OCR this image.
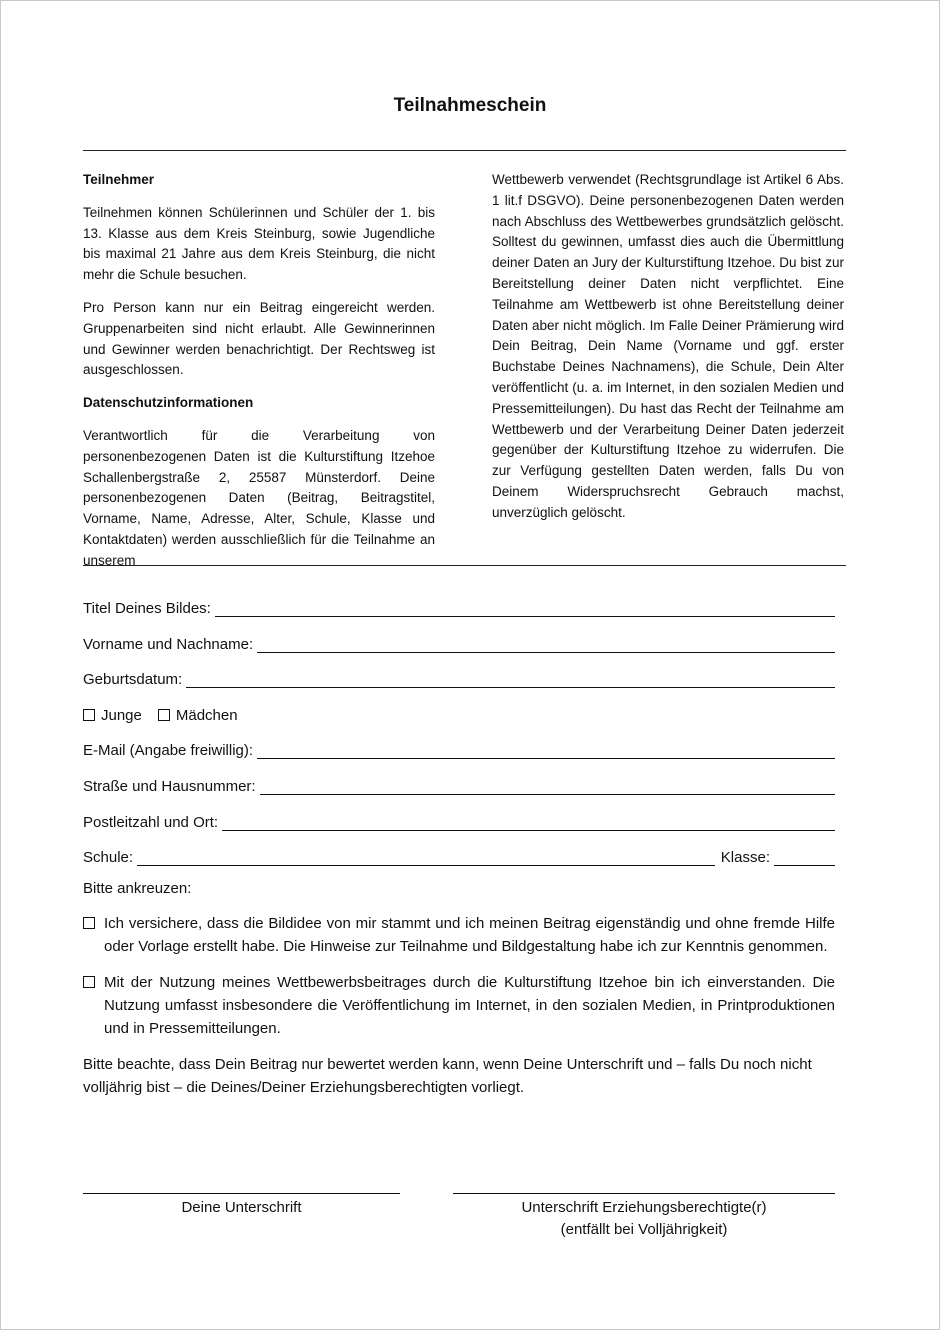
Teilnahmeschein
Teilnehmer

Teilnehmen können Schülerinnen und Schüler der 1. bis 13. Klasse aus dem Kreis Steinburg, sowie Jugendliche bis maximal 21 Jahre aus dem Kreis Steinburg, die nicht mehr die Schule besuchen.

Pro Person kann nur ein Beitrag eingereicht werden. Gruppenarbeiten sind nicht erlaubt. Alle Gewinnerinnen und Gewinner werden benachrichtigt. Der Rechtsweg ist ausgeschlossen.

Datenschutzinformationen

Verantwortlich für die Verarbeitung von personenbezogenen Daten ist die Kulturstiftung Itzehoe Schallenbergstraße 2, 25587 Münsterdorf. Deine personenbezogenen Daten (Beitrag, Beitragstitel, Vorname, Name, Adresse, Alter, Schule, Klasse und Kontaktdaten) werden ausschließlich für die Teilnahme an unserem

Wettbewerb verwendet (Rechtsgrundlage ist Artikel 6 Abs. 1 lit.f DSGVO). Deine personenbezogenen Daten werden nach Abschluss des Wettbewerbes grundsätzlich gelöscht. Solltest du gewinnen, umfasst dies auch die Übermittlung deiner Daten an Jury der Kulturstiftung Itzehoe. Du bist zur Bereitstellung deiner Daten nicht verpflichtet. Eine Teilnahme am Wettbewerb ist ohne Bereitstellung deiner Daten aber nicht möglich. Im Falle Deiner Prämierung wird Dein Beitrag, Dein Name (Vorname und ggf. erster Buchstabe Deines Nachnamens), die Schule, Dein Alter veröffentlicht (u. a. im Internet, in den sozialen Medien und Pressemitteilungen). Du hast das Recht der Teilnahme am Wettbewerb und der Verarbeitung Deiner Daten jederzeit gegenüber der Kulturstiftung Itzehoe zu widerrufen. Die zur Verfügung gestellten Daten werden, falls Du von Deinem Widerspruchsrecht Gebrauch machst, unverzüglich gelöscht.

Titel Deines Bildes:
Vorname und Nachname:
Geburtsdatum:
Junge Mädchen
E-Mail (Angabe freiwillig):
Straße und Hausnummer:
Postleitzahl und Ort:
Schule:	Klasse:
Bitte ankreuzen:
Ich versichere, dass die Bildidee von mir stammt und ich meinen Beitrag eigenständig und ohne fremde Hilfe oder Vorlage erstellt habe. Die Hinweise zur Teilnahme und Bildgestaltung habe ich zur Kenntnis genommen.
Mit der Nutzung meines Wettbewerbsbeitrages durch die Kulturstiftung Itzehoe bin ich einverstanden. Die Nutzung umfasst insbesondere die Veröffentlichung im Internet, in den sozialen Medien, in Printproduktionen und in Pressemitteilungen.
Bitte beachte, dass Dein Beitrag nur bewertet werden kann, wenn Deine Unterschrift und – falls Du noch nicht volljährig bist – die Deines/Deiner Erziehungsberechtigten vorliegt.
Deine Unterschrift	Unterschrift Erziehungsberechtigte(r)
(entfällt bei Volljährigkeit)
